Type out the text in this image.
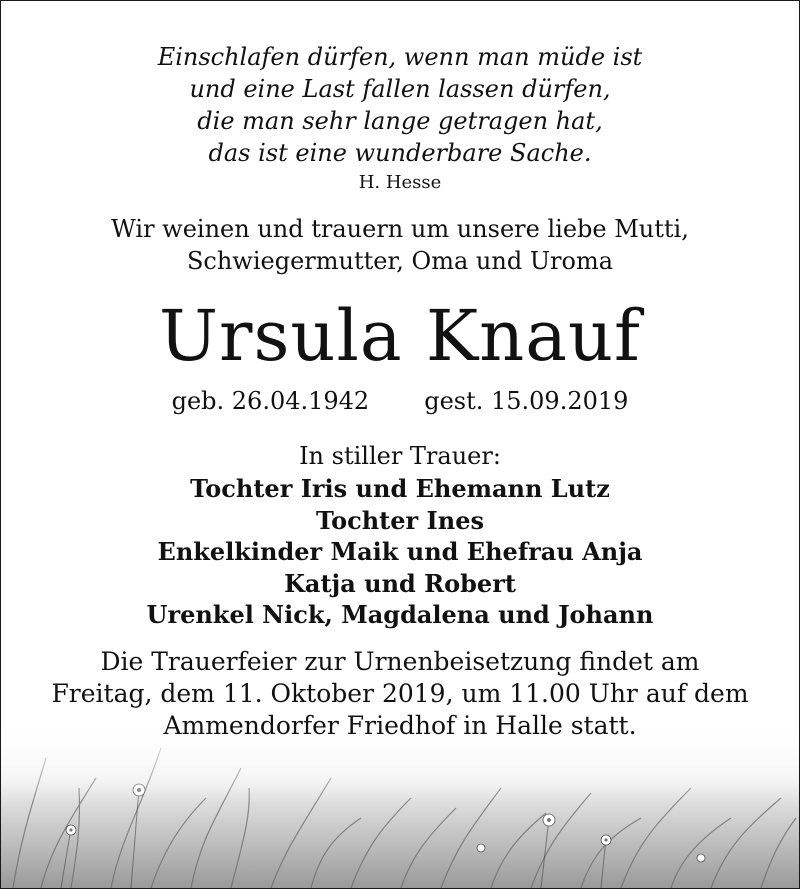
Einschlafen dürfen, wenn man müde ist
und eine Last fallen lassen dürfen,
die man sehr lange getragen hat,
das ist eine wunderbare Sache.
H. Hesse
Wir weinen und trauern um unsere liebe Mutti,
Schwiegermutter, Oma und Uroma
Ursula Knauf
geb. 26.04.1942 gest. 15.09.2019
In stiller Trauer:
Tochter Iris und Ehemann Lutz
Tochter Ines
Enkelkinder Maik und Ehefrau Anja
Katja und Robert
Urenkel Nick, Magdalena und Johann
Die Trauerfeier zur Urnenbeisetzung findet am
Freitag, dem 11. Oktober 2019, um 11.00 Uhr auf dem
Ammendorfer Friedhof in Halle statt.
